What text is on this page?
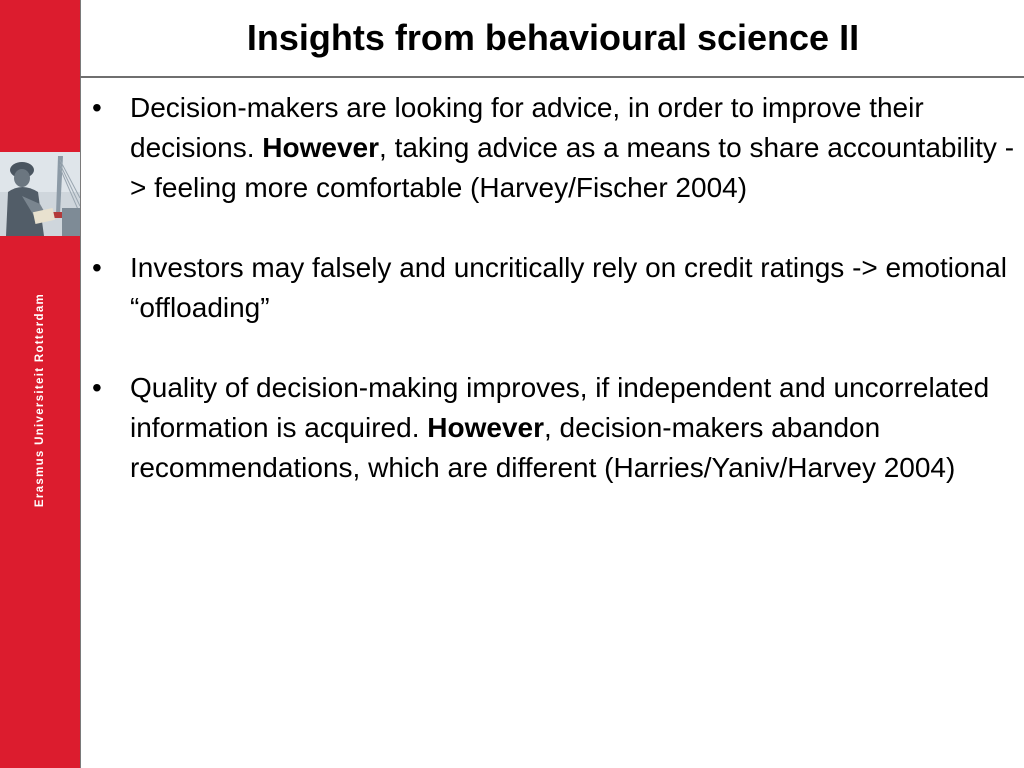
Erasmus Universiteit Rotterdam
Insights from behavioural science II
• Decision-makers are looking for advice, in order to improve their decisions. However, taking advice as a means to share accountability -> feeling more comfortable (Harvey/Fischer 2004)
• Investors may falsely and uncritically rely on credit ratings -> emotional “offloading”
• Quality of decision-making improves, if independent and uncorrelated information is acquired. However, decision-makers abandon recommendations, which are different (Harries/Yaniv/Harvey 2004)
